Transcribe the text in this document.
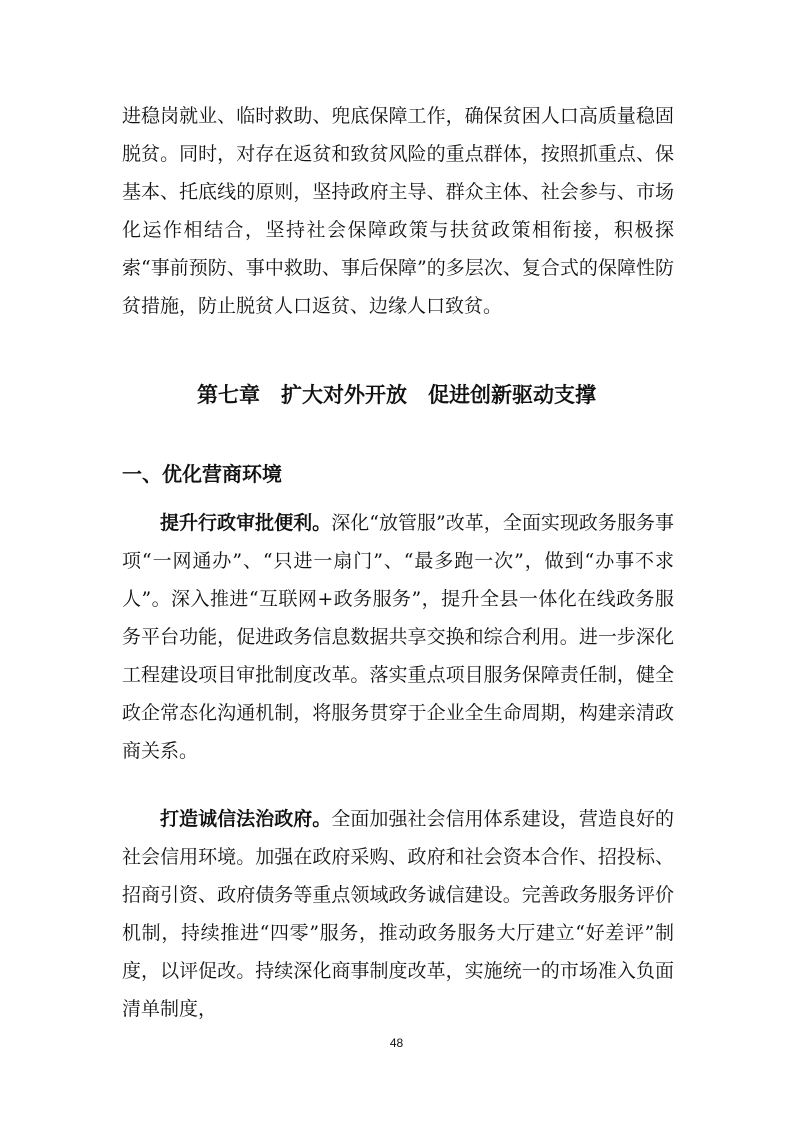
进稳岗就业、临时救助、兜底保障工作，确保贫困人口高质量稳固脱贫。同时，对存在返贫和致贫风险的重点群体，按照抓重点、保基本、托底线的原则，坚持政府主导、群众主体、社会参与、市场化运作相结合，坚持社会保障政策与扶贫政策相衔接，积极探索“事前预防、事中救助、事后保障”的多层次、复合式的保障性防贫措施，防止脱贫人口返贫、边缘人口致贫。

第七章　扩大对外开放　促进创新驱动支撑
一、优化营商环境

提升行政审批便利。深化“放管服”改革，全面实现政务服务事项“一网通办”、“只进一扇门”、“最多跑一次”，做到“办事不求人”。深入推进“互联网+政务服务”，提升全县一体化在线政务服务平台功能，促进政务信息数据共享交换和综合利用。进一步深化工程建设项目审批制度改革。落实重点项目服务保障责任制，健全政企常态化沟通机制，将服务贯穿于企业全生命周期，构建亲清政商关系。

打造诚信法治政府。全面加强社会信用体系建设，营造良好的社会信用环境。加强在政府采购、政府和社会资本合作、招投标、招商引资、政府债务等重点领域政务诚信建设。完善政务服务评价机制，持续推进“四零”服务，推动政务服务大厅建立“好差评”制度，以评促改。持续深化商事制度改革，实施统一的市场准入负面清单制度，

48
